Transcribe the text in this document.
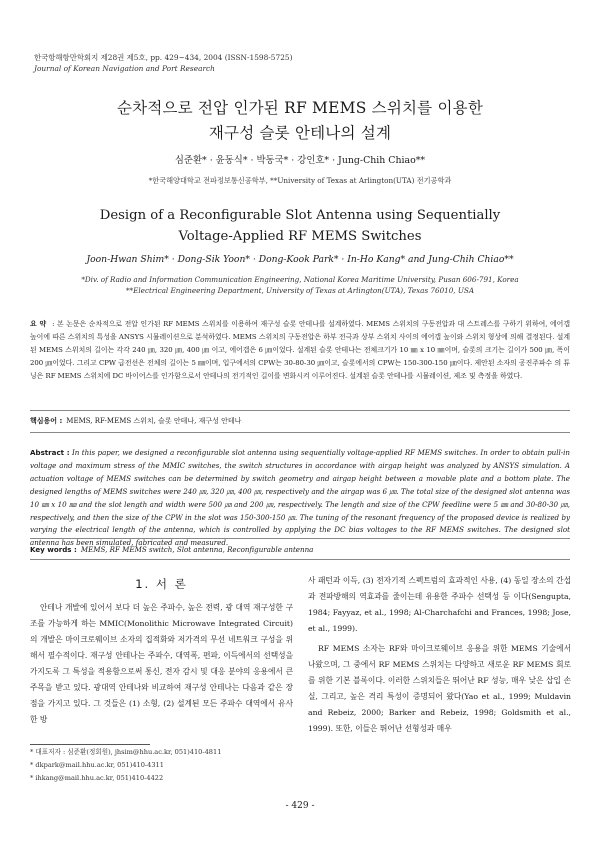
한국항해항만학회지 제28권 제5호, pp. 429~434, 2004 (ISSN-1598-5725)
Journal of Korean Navigation and Port Research
순차적으로 전압 인가된 RF MEMS 스위치를 이용한
재구성 슬롯 안테나의 설계
심준환* · 윤동식* · 박동국* · 강인호* · Jung-Chih Chiao**
*한국해양대학교 전파정보통신공학부, **University of Texas at Arlington(UTA) 전기공학과
Design of a Reconfigurable Slot Antenna using Sequentially
Voltage-Applied RF MEMS Switches
Joon-Hwan Shim* · Dong-Sik Yoon* · Dong-Kook Park* · In-Ho Kang* and Jung-Chih Chiao**
*Div. of Radio and Information Communication Engineering, National Korea Maritime University, Pusan 606-791, Korea
**Electrical Engineering Department, University of Texas at Arlington(UTA), Texas 76010, USA
요 약 : 본 논문은 순차적으로 전압 인가된 RF MEMS 스위치를 이용하여 재구성 슬롯 안테나를 설계하였다. MEMS 스위치의 구동전압과 대 스트레스를 구하기 위하여, 에어갭 높이에 따른 스위치의 특성을 ANSYS 시뮬레이션으로 분석하였다. MEMS 스위치의 구동전압은 하부 전극과 상부 스위치 사이의 에어갭 높이와 스위치 형상에 의해 결정된다. 설계된 MEMS 스위치의 길이는 각각 240 ㎛, 320 ㎛, 400 ㎛ 이고, 에어갭은 6 ㎛이었다. 설계된 슬롯 안테나는 전체크기가 10 ㎜ x 10 ㎜이며, 슬롯의 크기는 길이가 500 ㎛, 폭이 200 ㎛이었다. 그리고 CPW 급전선은 전체의 길이는 5 ㎜이며, 입구에서의 CPW는 30-80-30 ㎛이고, 슬롯에서의 CPW는 150-300-150 ㎛이다. 제안된 소자의 공진주파수 의 튜닝은 RF MEMS 스위치에 DC 바이어스를 인가함으로서 안테나의 전기적인 길이를 변화시켜 이루어진다. 설계된 슬롯 안테나를 시뮬레이션, 제조 및 측정을 하였다.
핵심용어 : MEMS, RF-MEMS 스위치, 슬롯 안테나, 재구성 안테나
Abstract : In this paper, we designed a reconfigurable slot antenna using sequentially voltage-applied RF MEMS switches. In order to obtain pull-in voltage and maximum stress of the MMIC switches, the switch structures in accordance with airgap height was analyzed by ANSYS simulation. A actuation voltage of MEMS switches can be determined by switch geometry and airgap height between a movable plate and a bottom plate. The designed lengths of MEMS switches were 240 ㎛, 320 ㎛, 400 ㎛, respectively and the airgap was 6 ㎛. The total size of the designed slot antenna was 10 ㎜ x 10 ㎜ and the slot length and width were 500 ㎛ and 200 ㎛, respectively. The length and size of the CPW feedline were 5 ㎜ and 30-80-30 ㎛, respectively, and then the size of the CPW in the slot was 150-300-150 ㎛. The tuning of the resonant frequency of the proposed device is realized by varying the electrical length of the antenna, which is controlled by applying the DC bias voltages to the RF MEMS switches. The designed slot antenna has been simulated, fabricated and measured.
Key words : MEMS, RF MEMS switch, Slot antenna, Reconfigurable antenna
1. 서 론

안테나 개발에 있어서 보다 더 높은 주파수, 높은 전력, 광 대역 재구성한 구조를 가능하게 하는 MMIC(Monolithic Microwave Integrated Circuit)의 개발은 마이크로웨이브 소자의 집적화와 저가격의 무선 네트워크 구성을 위해서 필수적이다. 재구성 안테나는 주파수, 대역폭, 편파, 이득에서의 선택성을 가지도록 그 특성을 적용함으로써 통신, 전자 감시 및 대응 분야의 응용에서 큰 주목을 받고 있다. 광대역 안테나와 비교하여 재구성 안테나는 다음과 같은 장점을 가지고 있다. 그 것들은 (1) 소형, (2) 설계된 모든 주파수 대역에서 유사한 방

사 패턴과 이득, (3) 전자기적 스펙트럼의 효과적인 사용, (4) 동일 장소의 간섭과 전파방해의 역효과를 줄이는데 유용한 주파수 선택성 등 이다(Sengupta, 1984; Fayyaz, et al., 1998; Al-Charchafchi and Frances, 1998; Jose, et al., 1999).

RF MEMS 소자는 RF와 마이크로웨이브 응용을 위한 MEMS 기술에서 나왔으며, 그 중에서 RF MEMS 스위치는 다양하고 새로운 RF MEMS 회로를 위한 기본 블록이다. 이러한 스위치들은 뛰어난 RF 성능, 매우 낮은 삽입 손실, 그리고, 높은 격리 특성이 증명되어 왔다(Yao et al., 1999; Muldavin and Rebeiz, 2000; Barker and Rebeiz, 1998; Goldsmith et al., 1999). 또한, 이들은 뛰어난 선형성과 매우

* 대표저자 : 심준환(정회원), jhsim@hhu.ac.kr, 051)410-4811
* dkpark@mail.hhu.ac.kr, 051)410-4311
* ihkang@mail.hhu.ac.kr, 051)410-4422
- 429 -
